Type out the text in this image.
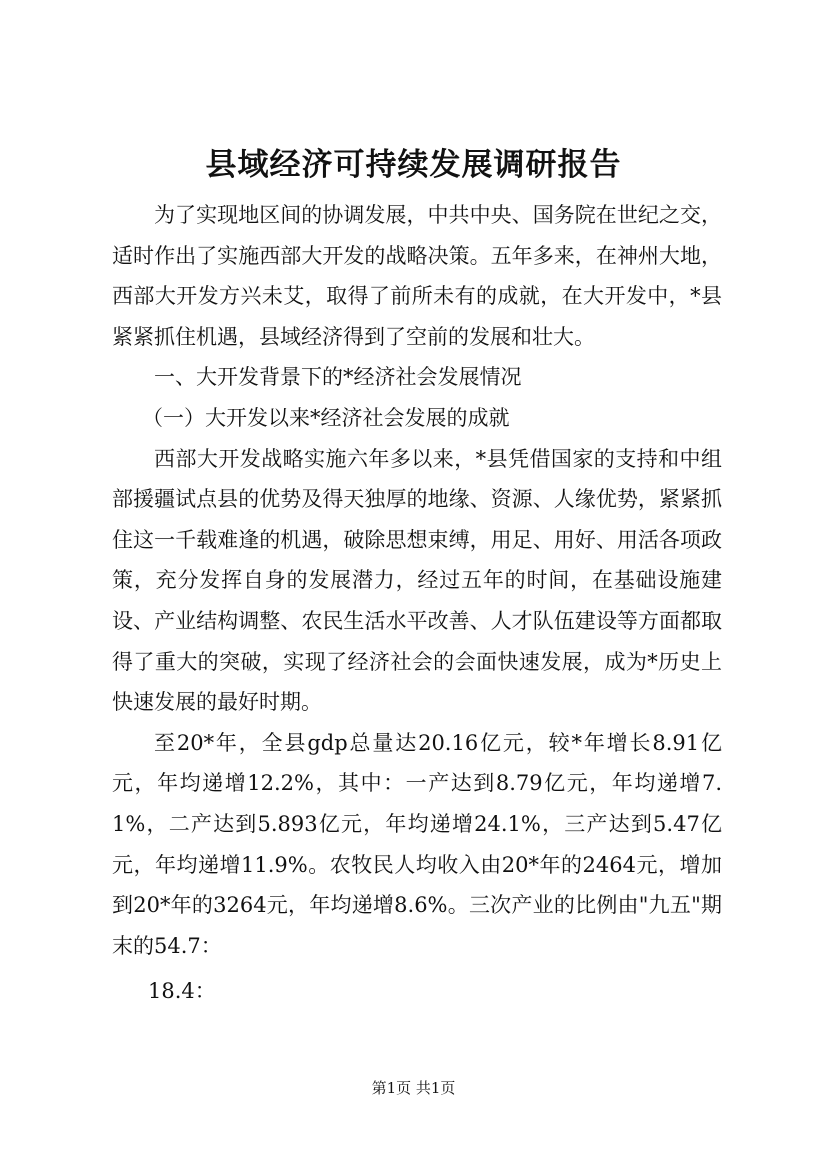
县域经济可持续发展调研报告

为了实现地区间的协调发展，中共中央、国务院在世纪之交，适时作出了实施西部大开发的战略决策。五年多来，在神州大地，西部大开发方兴未艾，取得了前所未有的成就，在大开发中，*县紧紧抓住机遇，县域经济得到了空前的发展和壮大。

一、大开发背景下的*经济社会发展情况

（一）大开发以来*经济社会发展的成就

西部大开发战略实施六年多以来，*县凭借国家的支持和中组部援疆试点县的优势及得天独厚的地缘、资源、人缘优势，紧紧抓住这一千载难逢的机遇，破除思想束缚，用足、用好、用活各项政策，充分发挥自身的发展潜力，经过五年的时间，在基础设施建设、产业结构调整、农民生活水平改善、人才队伍建设等方面都取得了重大的突破，实现了经济社会的会面快速发展，成为*历史上快速发展的最好时期。

至20*年，全县gdp总量达20.16亿元，较*年增长8.91亿元，年均递增12.2%，其中：一产达到8.79亿元，年均递增7.1%，二产达到5.893亿元，年均递增24.1%，三产达到5.47亿元，年均递增11.9%。农牧民人均收入由20*年的2464元，增加到20*年的3264元，年均递增8.6%。三次产业的比例由"九五"期末的54.7：

18.4：

第1页 共1页
